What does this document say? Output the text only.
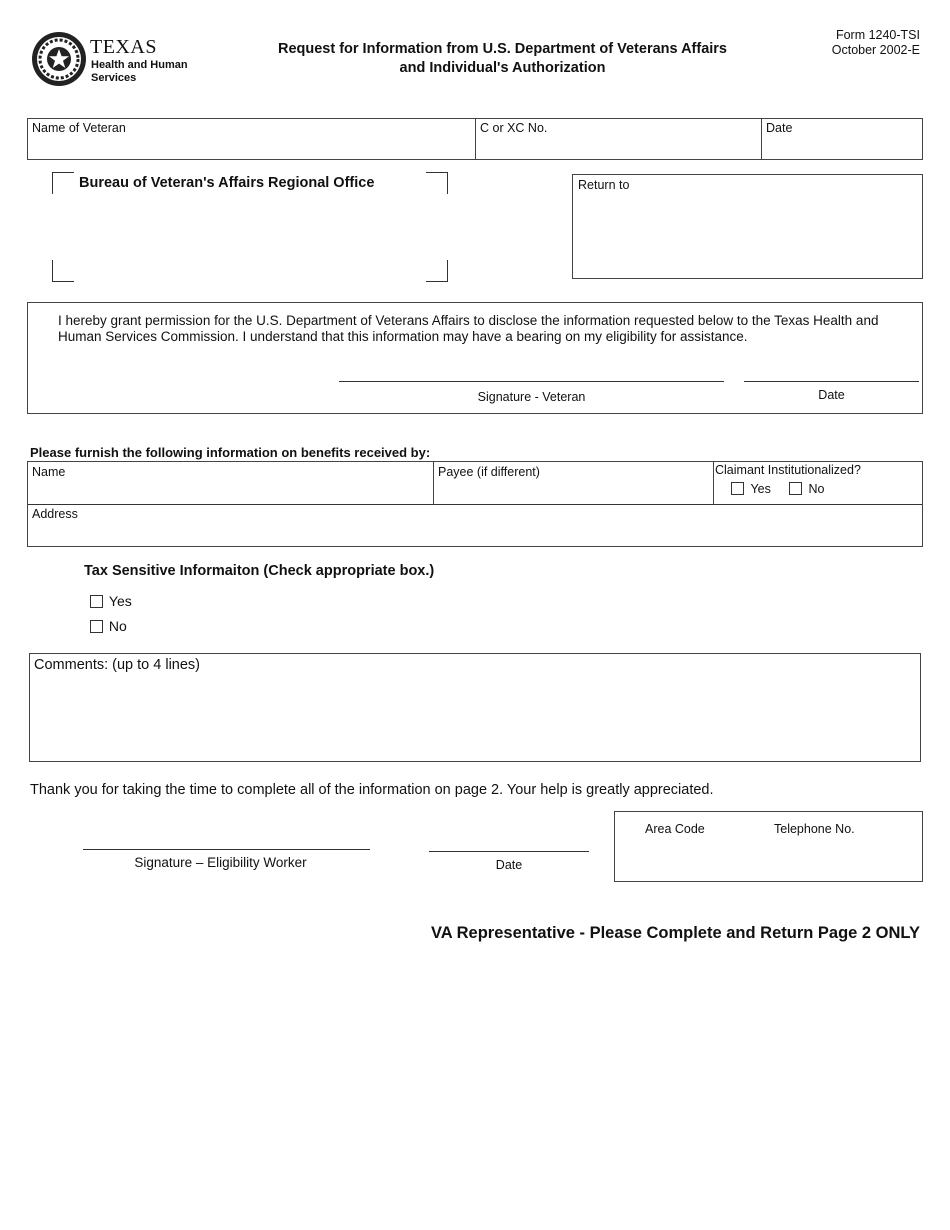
TEXAS
Health and Human
Services
Request for Information from U.S. Department of Veterans Affairs
and Individual's Authorization
Form 1240-TSI
October 2002-E
Name of Veteran	C or XC No.	Date
Bureau of Veteran's Affairs Regional Office	Return to
I hereby grant permission for the U.S. Department of Veterans Affairs to disclose the information requested below to the Texas Health and Human Services Commission. I understand that this information may have a bearing on my eligibility for assistance.
Signature - Veteran	Date
Please furnish the following information on benefits received by:
Name	Payee (if different)	Claimant Institutionalized?
Yes	No
Address
Tax Sensitive Informaiton (Check appropriate box.)
Yes
No
Comments: (up to 4 lines)
Thank you for taking the time to complete all of the information on page 2. Your help is greatly appreciated.
Signature – Eligibility Worker	Date
Area Code	Telephone No.
VA Representative - Please Complete and Return Page 2 ONLY
